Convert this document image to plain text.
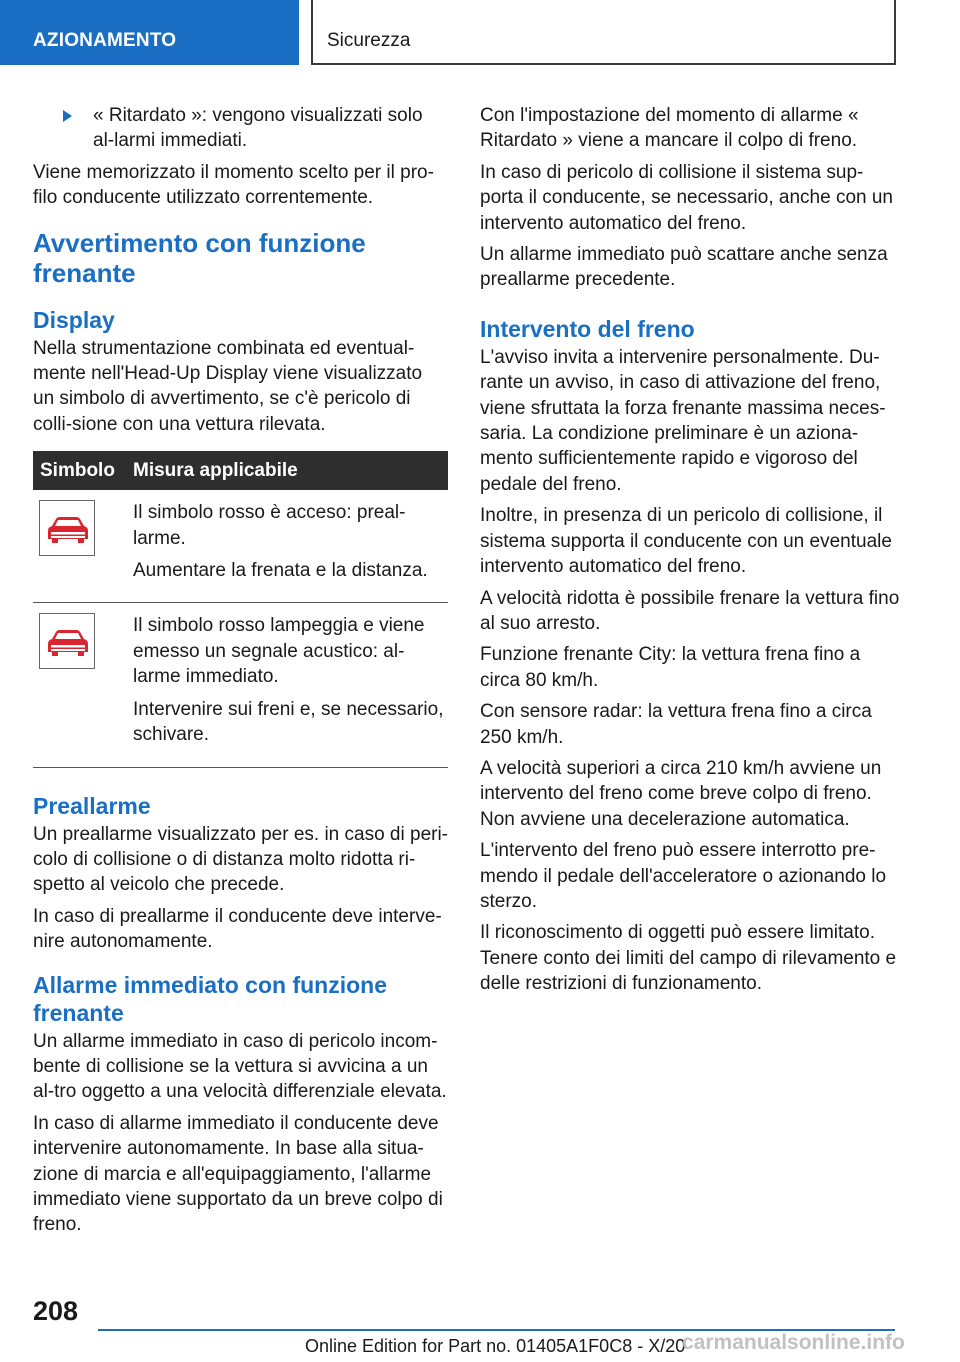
AZIONAMENTO	Sicurezza
« Ritardato »: vengono visualizzati solo al-larmi immediati.
Viene memorizzato il momento scelto per il pro-filo conducente utilizzato correntemente.
Avvertimento con funzione frenante
Display
Nella strumentazione combinata ed eventual-mente nell'Head-Up Display viene visualizzato un simbolo di avvertimento, se c'è pericolo di colli-sione con una vettura rilevata.
Simbolo	Misura applicabile

Il simbolo rosso è acceso: preal-larme.
Aumentare la frenata e la distanza.

Il simbolo rosso lampeggia e viene emesso un segnale acustico: al-larme immediato.
Intervenire sui freni e, se necessario, schivare.
Preallarme
Un preallarme visualizzato per es. in caso di peri-colo di collisione o di distanza molto ridotta ri-spetto al veicolo che precede.
In caso di preallarme il conducente deve interve-nire autonomamente.
Allarme immediato con funzione frenante
Un allarme immediato in caso di pericolo incom-bente di collisione se la vettura si avvicina a un al-tro oggetto a una velocità differenziale elevata.
In caso di allarme immediato il conducente deve intervenire autonomamente. In base alla situa-zione di marcia e all'equipaggiamento, l'allarme immediato viene supportato da un breve colpo di freno.
Con l'impostazione del momento di allarme « Ritardato » viene a mancare il colpo di freno.
In caso di pericolo di collisione il sistema sup-porta il conducente, se necessario, anche con un intervento automatico del freno.
Un allarme immediato può scattare anche senza preallarme precedente.
Intervento del freno
L'avviso invita a intervenire personalmente. Du-rante un avviso, in caso di attivazione del freno, viene sfruttata la forza frenante massima neces-saria. La condizione preliminare è un aziona-mento sufficientemente rapido e vigoroso del pedale del freno.
Inoltre, in presenza di un pericolo di collisione, il sistema supporta il conducente con un eventuale intervento automatico del freno.
A velocità ridotta è possibile frenare la vettura fino al suo arresto.
Funzione frenante City: la vettura frena fino a circa 80 km/h.
Con sensore radar: la vettura frena fino a circa 250 km/h.
A velocità superiori a circa 210 km/h avviene un intervento del freno come breve colpo di freno. Non avviene una decelerazione automatica.
L'intervento del freno può essere interrotto pre-mendo il pedale dell'acceleratore o azionando lo sterzo.
Il riconoscimento di oggetti può essere limitato. Tenere conto dei limiti del campo di rilevamento e delle restrizioni di funzionamento.
208
Online Edition for Part no. 01405A1F0C8 - X/20
carmanualsonline.info
